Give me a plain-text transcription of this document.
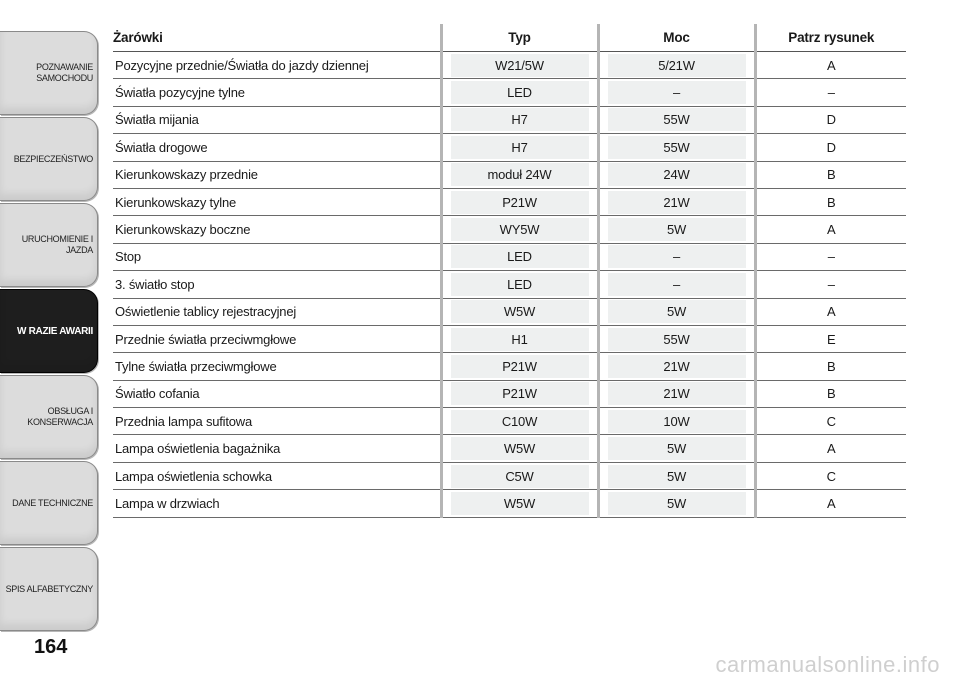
POZNAWANIE
SAMOCHODU
BEZPIECZEŃSTWO
URUCHOMIENIE I
JAZDA
W RAZIE AWARII
OBSŁUGA I
KONSERWACJA
DANE TECHNICZNE
SPIS ALFABETYCZNY
164
Żarówki	Typ	Moc	Patrz rysunek
Pozycyjne przednie/Światła do jazdy dziennej	W21/5W	5/21W	A

Światła pozycyjne tylne	LED	–	–

Światła mijania	H7	55W	D

Światła drogowe	H7	55W	D

Kierunkowskazy przednie	moduł 24W	24W	B

Kierunkowskazy tylne	P21W	21W	B

Kierunkowskazy boczne	WY5W	5W	A

Stop	LED	–	–

3. światło stop	LED	–	–

Oświetlenie tablicy rejestracyjnej	W5W	5W	A

Przednie światła przeciwmgłowe	H1	55W	E

Tylne światła przeciwmgłowe	P21W	21W	B

Światło cofania	P21W	21W	B

Przednia lampa sufitowa	C10W	10W	C

Lampa oświetlenia bagażnika	W5W	5W	A

Lampa oświetlenia schowka	C5W	5W	C

Lampa w drzwiach	W5W	5W	A
carmanualsonline.info
